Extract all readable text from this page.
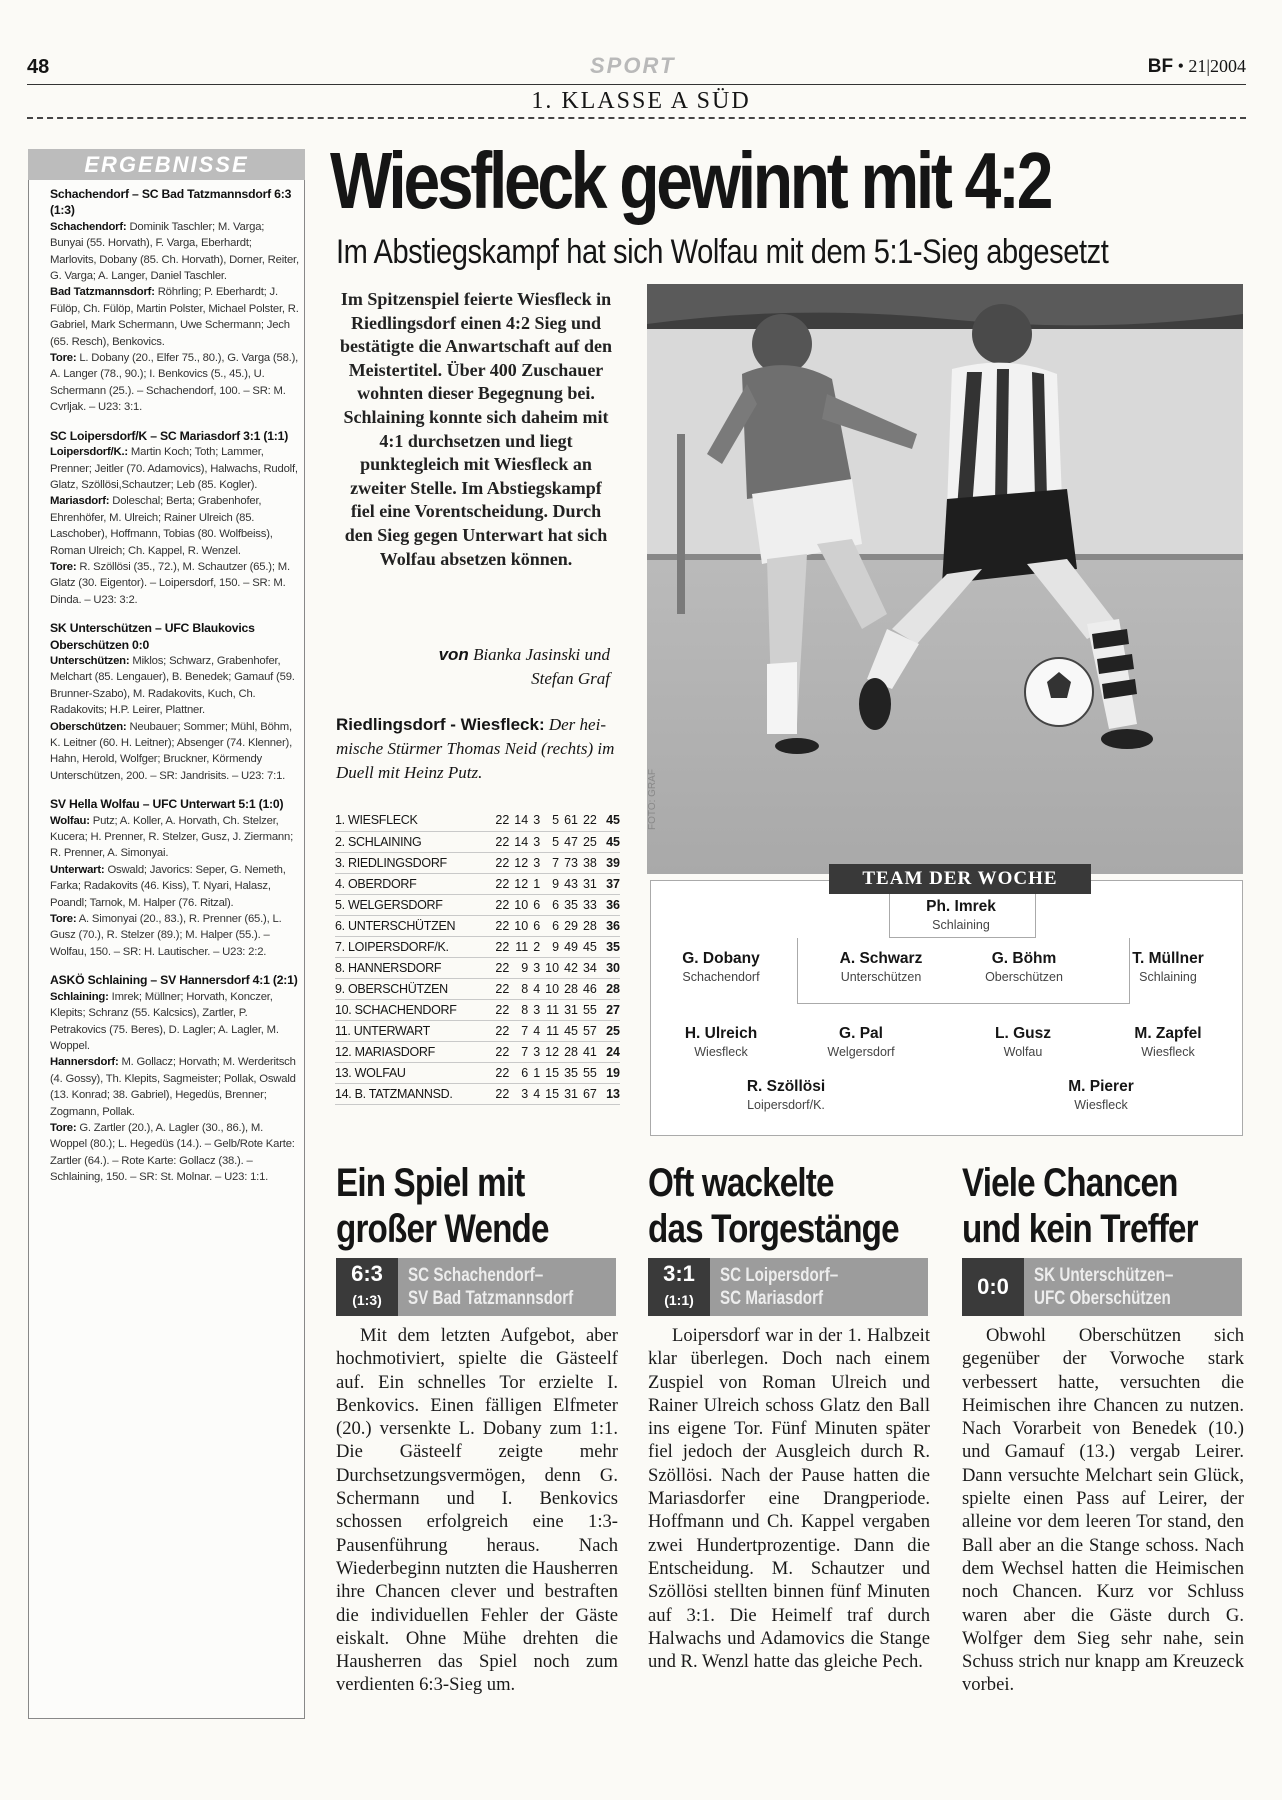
48	SPORT	BF • 21|2004
1. KLASSE A SÜD
ERGEBNISSE
Schachendorf – SC Bad Tatzmannsdorf 6:3 (1:3)

Schachendorf: Dominik Taschler; M. Varga; Bunyai (55. Horvath), F. Varga, Eberhardt; Marlovits, Dobany (85. Ch. Horvath), Dorner, Reiter, G. Varga; A. Langer, Daniel Taschler.

Bad Tatzmannsdorf: Röhrling; P. Eberhardt; J. Fülöp, Ch. Fülöp, Martin Polster, Michael Polster, R. Gabriel, Mark Schermann, Uwe Schermann; Jech (65. Resch), Benkovics.

Tore: L. Dobany (20., Elfer 75., 80.), G. Varga (58.), A. Langer (78., 90.); I. Benkovics (5., 45.), U. Schermann (25.). – Schachendorf, 100. – SR: M. Cvrljak. – U23: 3:1.

SC Loipersdorf/K – SC Mariasdorf 3:1 (1:1)

Loipersdorf/K.: Martin Koch; Toth; Lammer, Prenner; Jeitler (70. Adamovics), Halwachs, Rudolf, Glatz, Szöllösi,Schautzer; Leb (85. Kogler).

Mariasdorf: Doleschal; Berta; Grabenhofer, Ehrenhöfer, M. Ulreich; Rainer Ulreich (85. Laschober), Hoffmann, Tobias (80. Wolfbeiss), Roman Ulreich; Ch. Kappel, R. Wenzel.

Tore: R. Szöllösi (35., 72.), M. Schautzer (65.); M. Glatz (30. Eigentor). – Loipersdorf, 150. – SR: M. Dinda. – U23: 3:2.

SK Unterschützen – UFC Blaukovics Oberschützen 0:0

Unterschützen: Miklos; Schwarz, Grabenhofer, Melchart (85. Lengauer), B. Benedek; Gamauf (59. Brunner-Szabo), M. Radakovits, Kuch, Ch. Radakovits; H.P. Leirer, Plattner.

Oberschützen: Neubauer; Sommer; Mühl, Böhm, K. Leitner (60. H. Leitner); Absenger (74. Klenner), Hahn, Herold, Wolfger; Bruckner, Körmendy

Unterschützen, 200. – SR: Jandrisits. – U23: 7:1.

SV Hella Wolfau – UFC Unterwart 5:1 (1:0)

Wolfau: Putz; A. Koller, A. Horvath, Ch. Stelzer, Kucera; H. Prenner, R. Stelzer, Gusz, J. Ziermann; R. Prenner, A. Simonyai.

Unterwart: Oswald; Javorics: Seper, G. Nemeth, Farka; Radakovits (46. Kiss), T. Nyari, Halasz, Poandl; Tarnok, M. Halper (76. Ritzal).

Tore: A. Simonyai (20., 83.), R. Prenner (65.), L. Gusz (70.), R. Stelzer (89.); M. Halper (55.). – Wolfau, 150. – SR: H. Lautischer. – U23: 2:2.

ASKÖ Schlaining – SV Hannersdorf 4:1 (2:1)

Schlaining: Imrek; Müllner; Horvath, Konczer, Klepits; Schranz (55. Kalcsics), Zartler, P. Petrakovics (75. Beres), D. Lagler; A. Lagler, M. Woppel.

Hannersdorf: M. Gollacz; Horvath; M. Werderitsch (4. Gossy), Th. Klepits, Sagmeister; Pollak, Oswald (13. Konrad; 38. Gabriel), Hegedüs, Brenner; Zogmann, Pollak.

Tore: G. Zartler (20.), A. Lagler (30., 86.), M. Woppel (80.); L. Hegedüs (14.). – Gelb/Rote Karte: Zartler (64.). – Rote Karte: Gollacz (38.). –Schlaining, 150. – SR: St. Molnar. – U23: 1:1.

Wiesfleck gewinnt mit 4:2
Im Abstiegskampf hat sich Wolfau mit dem 5:1-Sieg abgesetzt
Im Spitzenspiel feierte Wiesfleck in Riedlingsdorf einen 4:2 Sieg und bestätigte die Anwartschaft auf den Meistertitel. Über 400 Zuschauer wohnten dieser Begegnung bei. Schlaining konnte sich daheim mit 4:1 durchsetzen und liegt punktegleich mit Wiesfleck an zweiter Stelle. Im Abstiegskampf fiel eine Vorentscheidung. Durch den Sieg gegen Unterwart hat sich Wolfau absetzen können.
von Bianka Jasinski und
Stefan Graf
Riedlingsdorf - Wiesfleck: Der heimische Stürmer Thomas Neid (rechts) im Duell mit Heinz Putz.
1. WIESFLECK	22	14	3	5	61	22	45
2. SCHLAINING	22	14	3	5	47	25	45
3. RIEDLINGSDORF	22	12	3	7	73	38	39
4. OBERDORF	22	12	1	9	43	31	37
5. WELGERSDORF	22	10	6	6	35	33	36
6. UNTERSCHÜTZEN	22	10	6	6	29	28	36
7. LOIPERSDORF/K.	22	11	2	9	49	45	35
8. HANNERSDORF	22	9	3	10	42	34	30
9. OBERSCHÜTZEN	22	8	4	10	28	46	28
10. SCHACHENDORF	22	8	3	11	31	55	27
11. UNTERWART	22	7	4	11	45	57	25
12. MARIASDORF	22	7	3	12	28	41	24
13. WOLFAU	22	6	1	15	35	55	19
14. B. TATZMANNSD.	22	3	4	15	31	67	13
FOTO: GRAF
TEAM DER WOCHE
Ph. Imrek
Schlaining
G. Dobany
Schachendorf
A. Schwarz
Unterschützen
G. Böhm
Oberschützen
T. Müllner
Schlaining
H. Ulreich
Wiesfleck
G. Pal
Welgersdorf
L. Gusz
Wolfau
M. Zapfel
Wiesfleck
R. Szöllösi
Loipersdorf/K.
M. Pierer
Wiesfleck
Ein Spiel mit
großer Wende
6:3
(1:3)
SC Schachendorf–
SV Bad Tatzmannsdorf
Mit dem letzten Aufgebot, aber hochmotiviert, spielte die Gästeelf auf. Ein schnelles Tor erzielte I. Benkovics. Einen fälligen Elfmeter (20.) versenkte L. Dobany zum 1:1. Die Gästeelf zeigte mehr Durchsetzungsvermögen, denn G. Schermann und I. Benkovics schossen erfolgreich eine 1:3-Pausenführung heraus. Nach Wiederbeginn nutzten die Hausherren ihre Chancen clever und bestraften die individuellen Fehler der Gäste eiskalt. Ohne Mühe drehten die Hausherren das Spiel noch zum verdienten 6:3-Sieg um.
Oft wackelte
das Torgestänge
3:1
(1:1)
SC Loipersdorf–
SC Mariasdorf
Loipersdorf war in der 1. Halbzeit klar überlegen. Doch nach einem Zuspiel von Roman Ulreich und Rainer Ulreich schoss Glatz den Ball ins eigene Tor. Fünf Minuten später fiel jedoch der Ausgleich durch R. Szöllösi. Nach der Pause hatten die Mariasdorfer eine Drangperiode. Hoffmann und Ch. Kappel vergaben zwei Hundertprozentige. Dann die Entscheidung. M. Schautzer und Szöllösi stellten binnen fünf Minuten auf 3:1. Die Heimelf traf durch Halwachs und Adamovics die Stange und R. Wenzl hatte das gleiche Pech.
Viele Chancen
und kein Treffer
0:0	SK Unterschützen–
UFC Oberschützen
Obwohl Oberschützen sich gegenüber der Vorwoche stark verbessert hatte, versuchten die Heimischen ihre Chancen zu nutzen. Nach Vorarbeit von Benedek (10.) und Gamauf (13.) vergab Leirer. Dann versuchte Melchart sein Glück, spielte einen Pass auf Leirer, der alleine vor dem leeren Tor stand, den Ball aber an die Stange schoss. Nach dem Wechsel hatten die Heimischen noch Chancen. Kurz vor Schluss waren aber die Gäste durch G. Wolfger dem Sieg sehr nahe, sein Schuss strich nur knapp am Kreuzeck vorbei.
